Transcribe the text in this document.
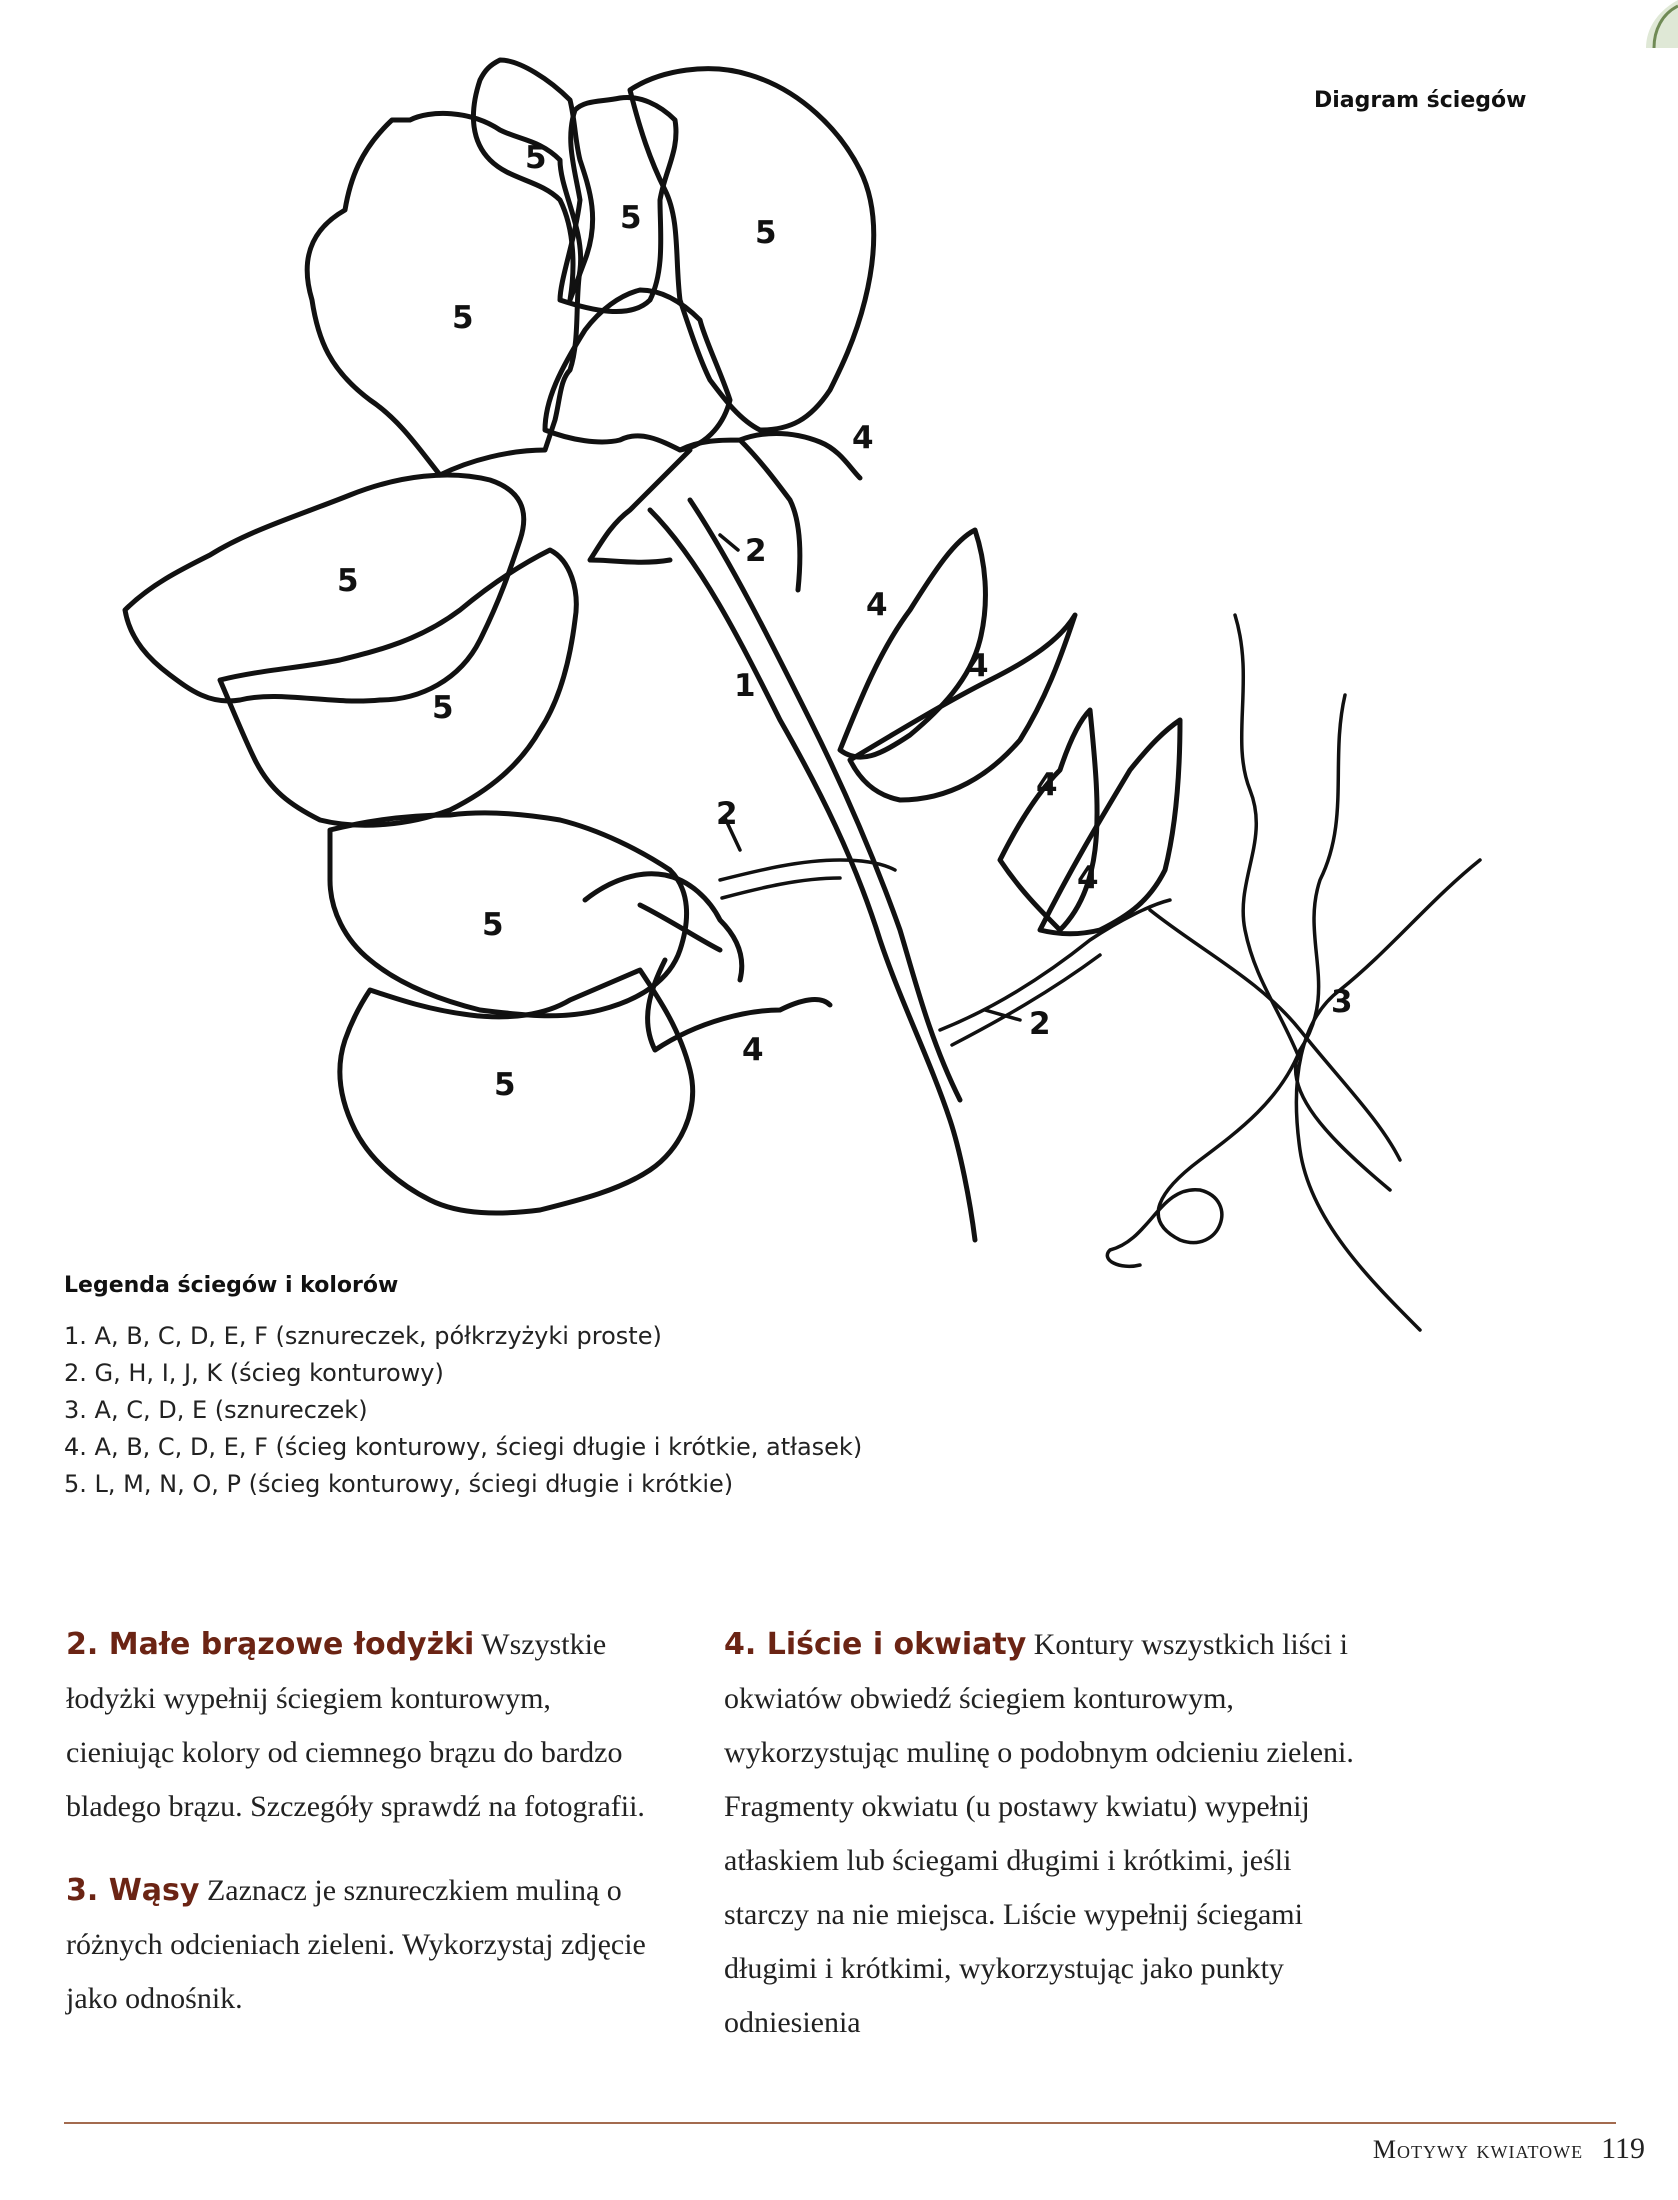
Diagram ściegów
5
5	5
5
4
2
5
4
4
1
5
2
4
4
5
3
2
4
5
Legenda ściegów i kolorów
1. A, B, C, D, E, F (sznureczek, półkrzyżyki proste)
2. G, H, I, J, K (ścieg konturowy)
3. A, C, D, E (sznureczek)
4. A, B, C, D, E, F (ścieg konturowy, ściegi długie i krótkie, atłasek)
5. L, M, N, O, P (ścieg konturowy, ściegi długie i krótkie)

2. Małe brązowe łodyżki Wszystkie łodyżki wypełnij ściegiem konturowym, cieniując kolory od ciemnego brązu do bardzo bladego brązu. Szczegóły sprawdź na fotografii.

3. Wąsy Zaznacz je sznureczkiem muliną o różnych odcieniach zieleni. Wykorzystaj zdjęcie jako odnośnik.

4. Liście i okwiaty Kontury wszystkich liści i okwiatów obwiedź ściegiem konturowym, wykorzystując mulinę o podobnym odcieniu zieleni. Fragmenty okwiatu (u postawy kwiatu) wypełnij atłaskiem lub ściegami długimi i krótkimi, jeśli starczy na nie miejsca. Liście wypełnij ściegami długimi i krótkimi, wykorzystując jako punkty odniesienia

Motywy kwiatowe 119
